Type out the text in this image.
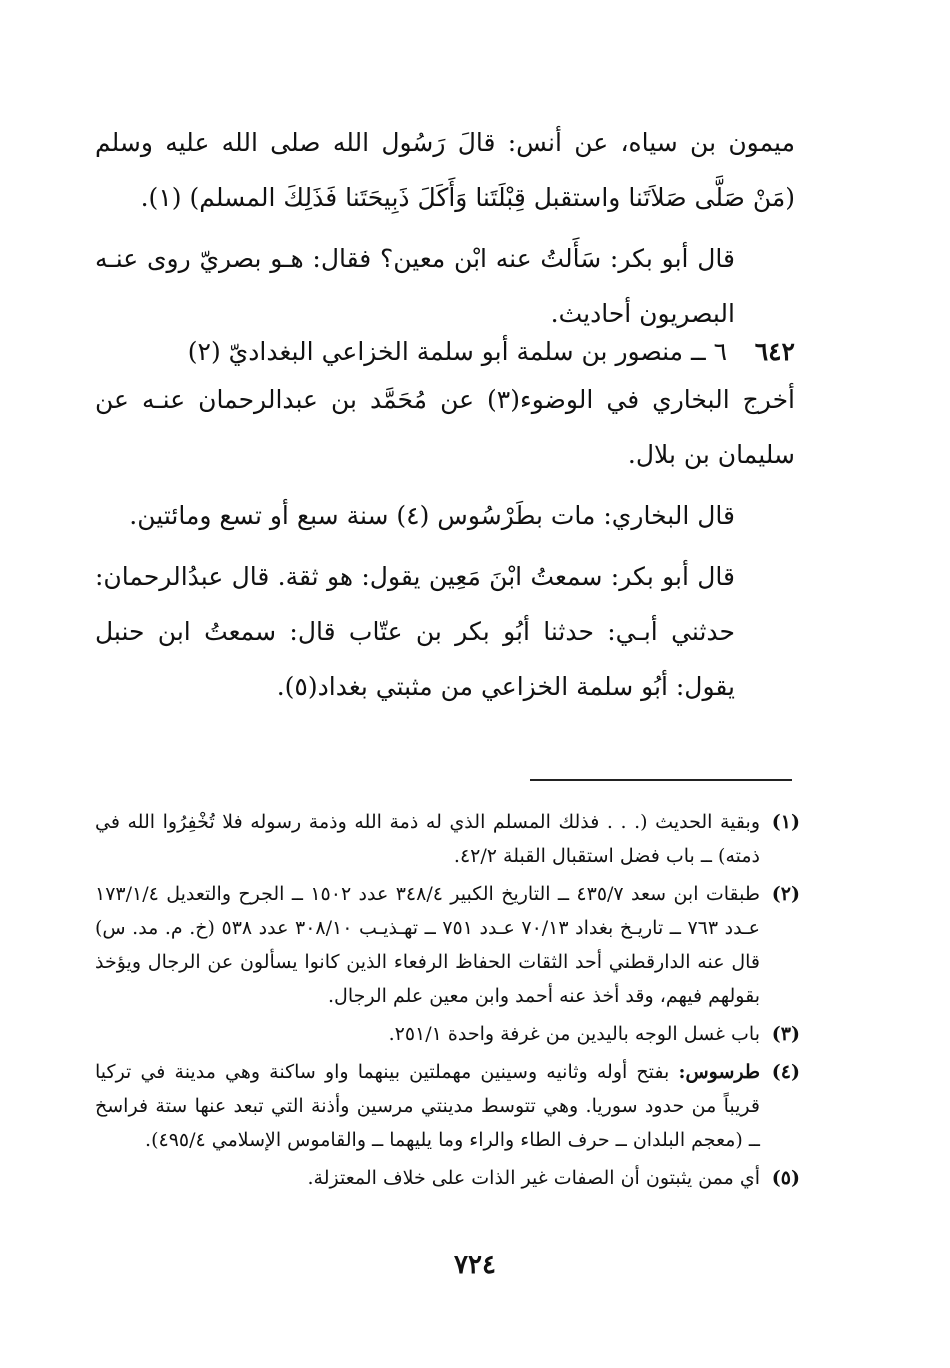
ميمون بن سياه، عن أنس: قالَ رَسُول الله صلى الله عليه وسلم (مَنْ صَلَّى صَلاَتَنا واستقبل قِبْلَتَنا وَأَكَلَ ذَبِيحَتَنا فَذَلِكَ المسلم) (١).

قال أبو بكر: سَأَلتُ عنه ابْن معين؟ فقال: هـو بصريّ روى عنـه البصريون أحاديث.

٦٤٢ ٦ ــ منصور بن سلمة أبو سلمة الخزاعي البغداديّ (٢)

أخرج البخاري في الوضوء(٣) عن مُحَمَّد بن عبدالرحمان عنـه عن سليمان بن بلال.

قال البخاري: مات بطَرْسُوس (٤) سنة سبع أو تسع ومائتين.

قال أبو بكر: سمعتُ ابْنَ مَعِين يقول: هو ثقة. قال عبدُالرحمان: حدثني أبـي: حدثنا أبُو بكر بن عتّاب قال: سمعتُ ابن حنبل يقول: أبُو سلمة الخزاعي من مثبتي بغداد(٥).

(١)
وبقية الحديث (. . . فذلك المسلم الذي له ذمة الله وذمة رسوله فلا تُخْفِرُوا الله في ذمته) ــ باب فضل استقبال القبلة ٤٢/٢.
(٢)
طبقات ابن سعد ٤٣٥/٧ ــ التاريخ الكبير ٣٤٨/٤ عدد ١٥٠٢ ــ الجرح والتعديل ١٧٣/١/٤ عـدد ٧٦٣ ــ تاريـخ بغداد ٧٠/١٣ عـدد ٧٥١ ــ تهـذيـب ٣٠٨/١٠ عدد ٥٣٨ (خ. م. مد. س) قال عنه الدارقطني أحد الثقات الحفاظ الرفعاء الذين كانوا يسألون عن الرجال ويؤخذ بقولهم فيهم، وقد أخذ عنه أحمد وابن معين علم الرجال.
(٣)
باب غسل الوجه باليدين من غرفة واحدة ٢٥١/١.
(٤)
طرسوس: بفتح أوله وثانيه وسينين مهملتين بينهما واو ساكنة وهي مدينة في تركيا قريباً من حدود سوريا. وهي تتوسط مدينتي مرسين وأذنة التي تبعد عنها ستة فراسخ ــ (معجم البلدان ــ حرف الطاء والراء وما يليهما ــ والقاموس الإسلامي ٤٩٥/٤).
(٥)
أي ممن يثبتون أن الصفات غير الذات على خلاف المعتزلة.
٧٢٤
